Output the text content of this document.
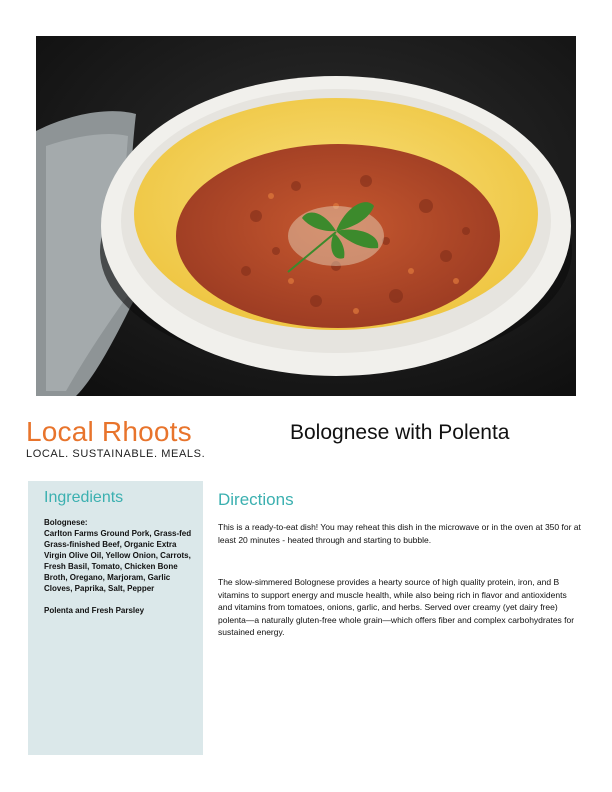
Local Rhoots
LOCAL. SUSTAINABLE. MEALS.
Bolognese with Polenta
Ingredients
Bolognese:
Carlton Farms Ground Pork, Grass-fed Grass-finished Beef, Organic Extra Virgin Olive Oil, Yellow Onion, Carrots, Fresh Basil, Tomato, Chicken Bone Broth, Oregano, Marjoram, Garlic Cloves, Paprika, Salt, Pepper
Polenta and Fresh Parsley
Directions

This is a ready-to-eat dish! You may reheat this dish in the microwave or in the oven at 350 for at least 20 minutes - heated through and starting to bubble.

The slow-simmered Bolognese provides a hearty source of high quality protein, iron, and B vitamins to support energy and muscle health, while also being rich in flavor and antioxidents and vitamins from tomatoes, onions, garlic, and herbs. Served over creamy (yet dairy free) polenta—a naturally gluten-free whole grain—which offers fiber and complex carbohydrates for sustained energy.
